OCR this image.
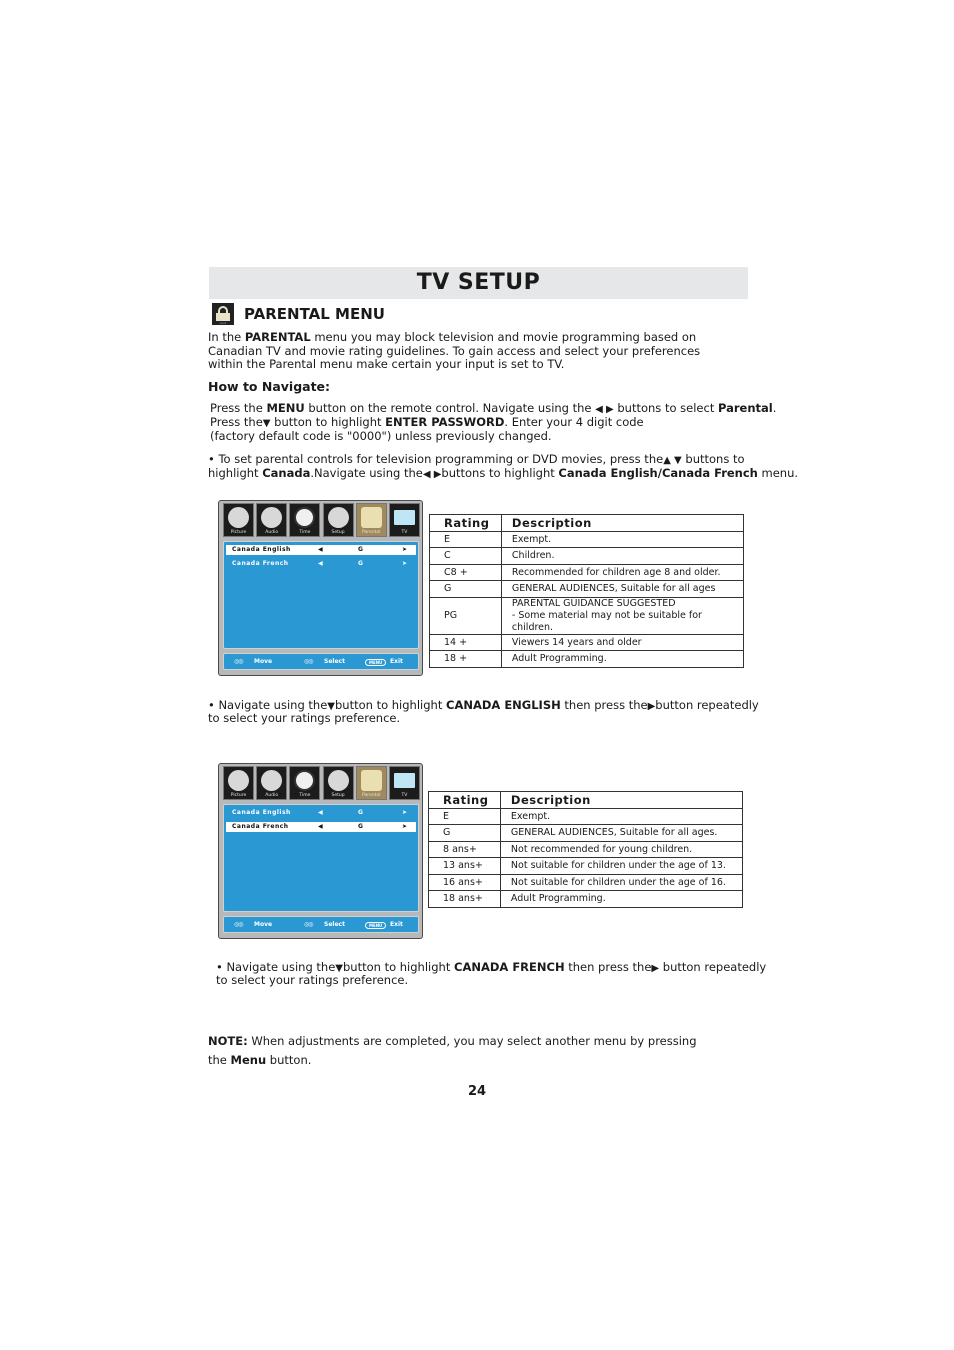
TV SETUP
Lock	PARENTAL MENU
In the PARENTAL menu you may block television and movie programming based on
Canadian TV and movie rating guidelines. To gain access and select your preferences
within the Parental menu make certain your input is set to TV.
How to Navigate:
Press the MENU button on the remote control. Navigate using the ◀ ▶ buttons to select Parental.
Press the▼ button to highlight ENTER PASSWORD. Enter your 4 digit code
(factory default code is "0000") unless previously changed.
• To set parental controls for television programming or DVD movies, press the▲ ▼ buttons to
highlight Canada.Navigate using the◀ ▶buttons to highlight Canada English/Canada French menu.
Picture	Audio	Time	Setup	Parental	TV
Canada English	◀	G	➤
Canada French	◀	G	➤
◎◎ Move	◎◎ Select	MENU	Exit
Rating	Description
E	Exempt.
C	Children.
C8 +	Recommended for children age 8 and older.
G	GENERAL AUDIENCES, Suitable for all ages
PG	PARENTAL GUIDANCE SUGGESTED
- Some material may not be suitable for children.

14 +	Viewers 14 years and older
18 +	Adult Programming.
• Navigate using the▼button to highlight CANADA ENGLISH then press the▶button repeatedly
to select your ratings preference.
Picture	Audio	Time	Setup	Parental	TV
Canada English	◀	G	➤
Canada French	◀	G	➤
◎◎ Move	◎◎ Select	MENU	Exit
Rating	Description
E	Exempt.
G	GENERAL AUDIENCES, Suitable for all ages.
8 ans+	Not recommended for young children.
13 ans+	Not suitable for children under the age of 13.
16 ans+	Not suitable for children under the age of 16.
18 ans+	Adult Programming.
• Navigate using the▼button to highlight CANADA FRENCH then press the▶ button repeatedly
to select your ratings preference.
NOTE: When adjustments are completed, you may select another menu by pressing
the Menu button.
24
